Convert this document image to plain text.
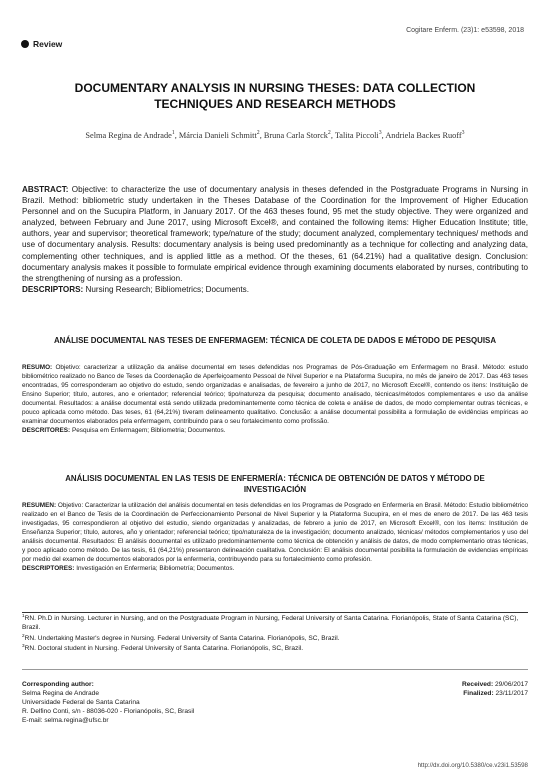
Cogitare Enferm. (23)1: e53598, 2018
Review
DOCUMENTARY ANALYSIS IN NURSING THESES: DATA COLLECTION TECHNIQUES AND RESEARCH METHODS
Selma Regina de Andrade$^1$, Márcia Danieli Schmitt$^2$, Bruna Carla Storck$^2$, Talita Piccoli$^3$, Andriela Backes Ruoff$^3$
ABSTRACT: Objective: to characterize the use of documentary analysis in theses defended in the Postgraduate Programs in Nursing in Brazil. Method: bibliometric study undertaken in the Theses Database of the Coordination for the Improvement of Higher Education Personnel and on the Sucupira Platform, in January 2017. Of the 463 theses found, 95 met the study objective. They were organized and analyzed, between February and June 2017, using Microsoft Excel®, and contained the following items: Higher Education Institute; title, authors, year and supervisor; theoretical framework; type/nature of the study; document analyzed, complementary techniques/ methods and use of documentary analysis. Results: documentary analysis is being used predominantly as a technique for collecting and analyzing data, complementing other techniques, and is applied little as a method. Of the theses, 61 (64.21%) had a qualitative design. Conclusion: documentary analysis makes it possible to formulate empirical evidence through examining documents elaborated by nurses, contributing to the strengthening of nursing as a profession.
DESCRIPTORS: Nursing Research; Bibliometrics; Documents.
ANÁLISE DOCUMENTAL NAS TESES DE ENFERMAGEM: TÉCNICA DE COLETA DE DADOS E MÉTODO DE PESQUISA
RESUMO: Objetivo: caracterizar a utilização da análise documental em teses defendidas nos Programas de Pós-Graduação em Enfermagem no Brasil. Método: estudo bibliométrico realizado no Banco de Teses da Coordenação de Aperfeiçoamento Pessoal de Nível Superior e na Plataforma Sucupira, no mês de janeiro de 2017. Das 463 teses encontradas, 95 corresponderam ao objetivo do estudo, sendo organizadas e analisadas, de fevereiro a junho de 2017, no Microsoft Excel®, contendo os itens: Instituição de Ensino Superior; título, autores, ano e orientador; referencial teórico; tipo/natureza da pesquisa; documento analisado, técnicas/métodos complementares e uso da análise documental. Resultados: a análise documental está sendo utilizada predominantemente como técnica de coleta e análise de dados, de modo complementar outras técnicas, e pouco aplicada como método. Das teses, 61 (64,21%) tiveram delineamento qualitativo. Conclusão: a análise documental possibilita a formulação de evidências empíricas ao examinar documentos elaborados pela enfermagem, contribuindo para o seu fortalecimento como profissão.
DESCRITORES: Pesquisa em Enfermagem; Bibliometria; Documentos.
ANÁLISIS DOCUMENTAL EN LAS TESIS DE ENFERMERÍA: TÉCNICA DE OBTENCIÓN DE DATOS Y MÉTODO DE INVESTIGACIÓN
RESUMEN: Objetivo: Caracterizar la utilización del análisis documental en tesis defendidas en los Programas de Posgrado en Enfermería en Brasil. Método: Estudio bibliométrico realizado en el Banco de Tesis de la Coordinación de Perfeccionamiento Personal de Nivel Superior y la Plataforma Sucupira, en el mes de enero de 2017. De las 463 tesis investigadas, 95 correspondieron al objetivo del estudio, siendo organizadas y analizadas, de febrero a junio de 2017, en Microsoft Excel®, con los ítems: Institución de Enseñanza Superior; título, autores, año y orientador; referencial teórico; tipo/naturaleza de la investigación; documento analizado, técnicas/ métodos complementarios y uso del análisis documental. Resultados: El análisis documental es utilizado predominantemente como técnica de obtención y análisis de datos, de modo complementario otras técnicas, y poco aplicado como método. De las tesis, 61 (64,21%) presentaron delineación cualitativa. Conclusión: El análisis documental posibilita la formulación de evidencias empíricas por medio del examen de documentos elaborados por la enfermería, contribuyendo para su fortalecimiento como profesión.
DESCRIPTORES: Investigación en Enfermería; Bibliometría; Documentos.
$^1$RN. Ph.D in Nursing. Lecturer in Nursing, and on the Postgraduate Program in Nursing, Federal University of Santa Catarina. Florianópolis, State of Santa Catarina (SC), Brazil.
$^2$RN. Undertaking Master's degree in Nursing. Federal University of Santa Catarina. Florianópolis, SC, Brazil.
$^3$RN. Doctoral student in Nursing. Federal University of Santa Catarina. Florianópolis, SC, Brazil.
Corresponding author:
Selma Regina de Andrade
Universidade Federal de Santa Catarina
R. Delfino Conti, s/n - 88036-020 - Florianópolis, SC, Brasil
E-mail: selma.regina@ufsc.br
Received: 29/06/2017
Finalized: 23/11/2017
http://dx.doi.org/10.5380/ce.v23i1.53598
